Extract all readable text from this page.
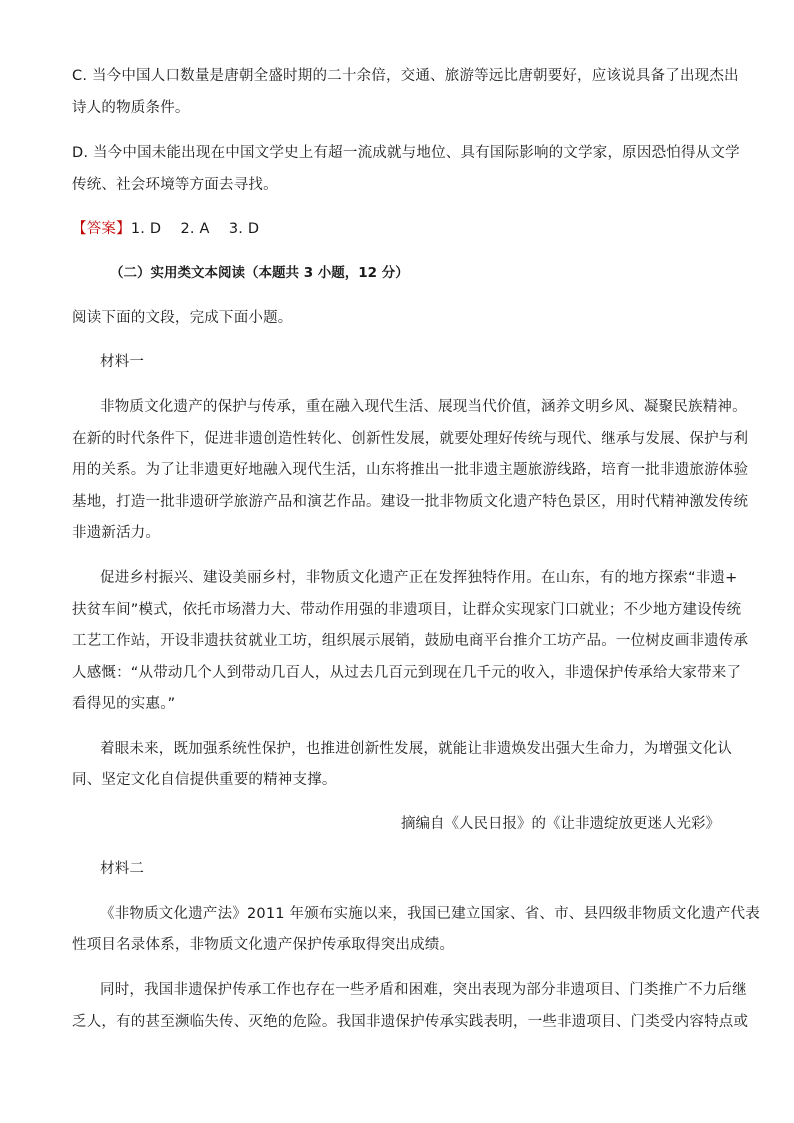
C. 当今中国人口数量是唐朝全盛时期的二十余倍，交通、旅游等远比唐朝要好，应该说具备了出现杰出
诗人的物质条件。
D. 当今中国未能出现在中国文学史上有超一流成就与地位、具有国际影响的文学家，原因恐怕得从文学
传统、社会环境等方面去寻找。
【答案】1. D    2. A    3. D
（二）实用类文本阅读（本题共 3 小题，12 分）
阅读下面的文段，完成下面小题。
材料一
非物质文化遗产的保护与传承，重在融入现代生活、展现当代价值，涵养文明乡风、凝聚民族精神。
在新的时代条件下，促进非遗创造性转化、创新性发展，就要处理好传统与现代、继承与发展、保护与利
用的关系。为了让非遗更好地融入现代生活，山东将推出一批非遗主题旅游线路，培育一批非遗旅游体验
基地，打造一批非遗研学旅游产品和演艺作品。建设一批非物质文化遗产特色景区，用时代精神激发传统
非遗新活力。
促进乡村振兴、建设美丽乡村，非物质文化遗产正在发挥独特作用。在山东，有的地方探索“非遗+
扶贫车间”模式，依托市场潜力大、带动作用强的非遗项目，让群众实现家门口就业；不少地方建设传统
工艺工作站，开设非遗扶贫就业工坊，组织展示展销，鼓励电商平台推介工坊产品。一位树皮画非遗传承
人感慨：“从带动几个人到带动几百人，从过去几百元到现在几千元的收入，非遗保护传承给大家带来了
看得见的实惠。”
着眼未来，既加强系统性保护，也推进创新性发展，就能让非遗焕发出强大生命力，为增强文化认
同、坚定文化自信提供重要的精神支撑。
摘编自《人民日报》的《让非遗绽放更迷人光彩》
材料二
《非物质文化遗产法》2011 年颁布实施以来，我国已建立国家、省、市、县四级非物质文化遗产代表
性项目名录体系，非物质文化遗产保护传承取得突出成绩。
同时，我国非遗保护传承工作也存在一些矛盾和困难，突出表现为部分非遗项目、门类推广不力后继
乏人，有的甚至濒临失传、灭绝的危险。我国非遗保护传承实践表明，一些非遗项目、门类受内容特点或
